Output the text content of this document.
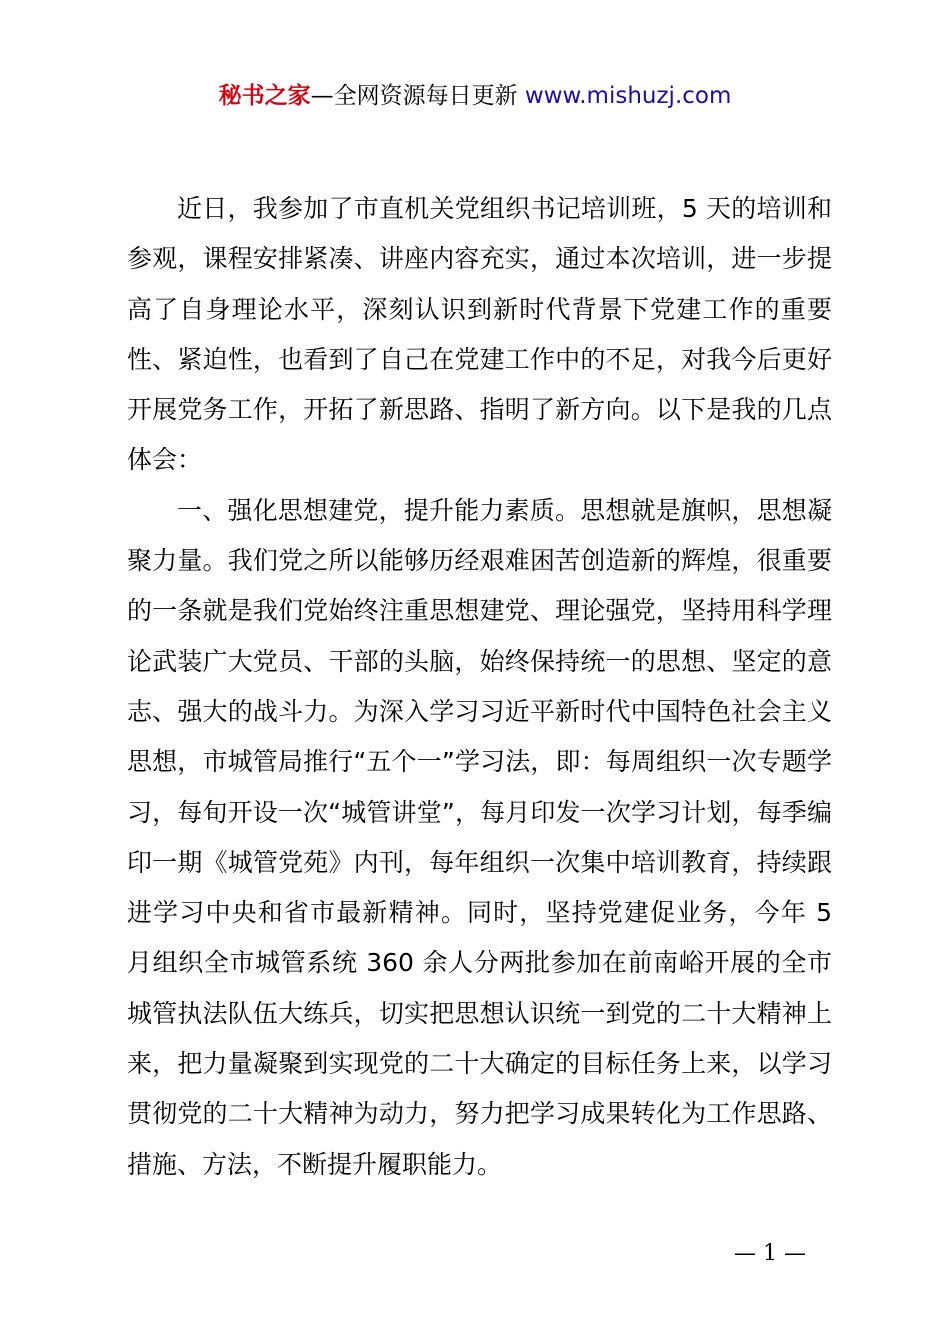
秘书之家—全网资源每日更新 www.mishuzj.com

近日，我参加了市直机关党组织书记培训班，5 天的培训和参观，课程安排紧凑、讲座内容充实，通过本次培训，进一步提高了自身理论水平，深刻认识到新时代背景下党建工作的重要性、紧迫性，也看到了自己在党建工作中的不足，对我今后更好开展党务工作，开拓了新思路、指明了新方向。以下是我的几点体会：

一、强化思想建党，提升能力素质。思想就是旗帜，思想凝聚力量。我们党之所以能够历经艰难困苦创造新的辉煌，很重要的一条就是我们党始终注重思想建党、理论强党，坚持用科学理论武装广大党员、干部的头脑，始终保持统一的思想、坚定的意志、强大的战斗力。为深入学习习近平新时代中国特色社会主义思想，市城管局推行“五个一”学习法，即：每周组织一次专题学习，每旬开设一次“城管讲堂”，每月印发一次学习计划，每季编印一期《城管党苑》内刊，每年组织一次集中培训教育，持续跟进学习中央和省市最新精神。同时，坚持党建促业务，今年 5 月组织全市城管系统 360 余人分两批参加在前南峪开展的全市城管执法队伍大练兵，切实把思想认识统一到党的二十大精神上来，把力量凝聚到实现党的二十大确定的目标任务上来，以学习贯彻党的二十大精神为动力，努力把学习成果转化为工作思路、措施、方法，不断提升履职能力。

— 1 —
